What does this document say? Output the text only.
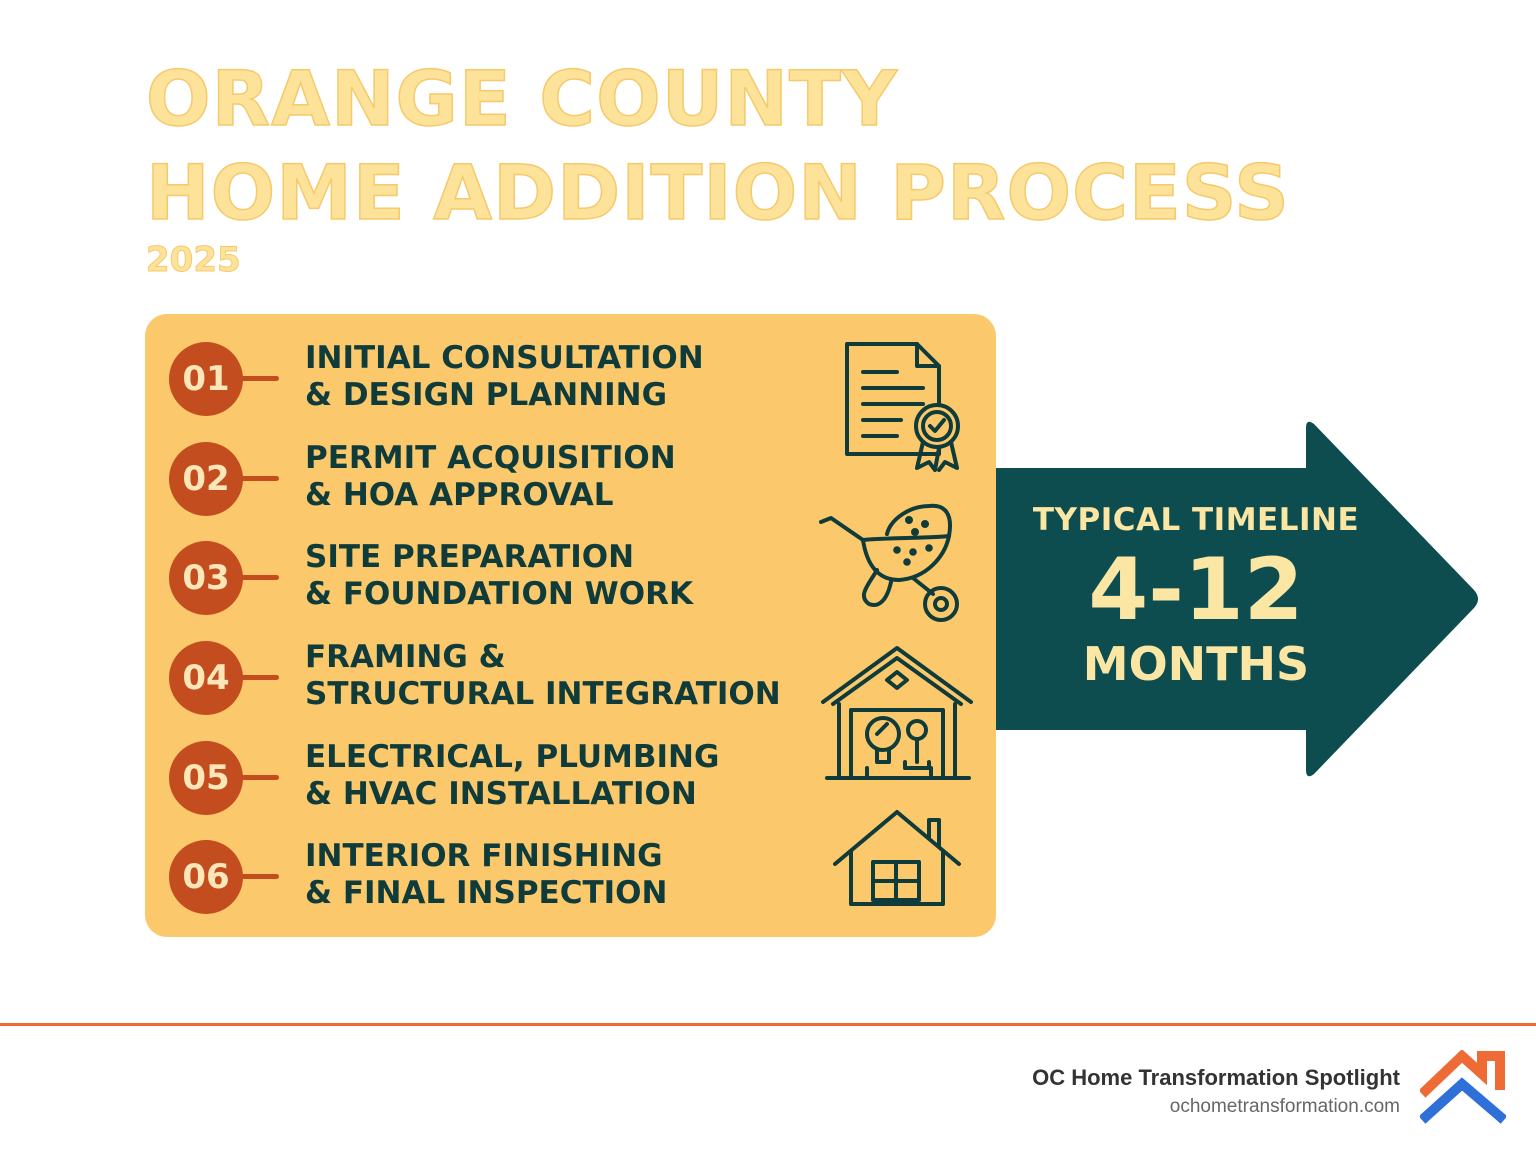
ORANGE COUNTY
HOME ADDITION PROCESS
2025
01
INITIAL CONSULTATION
& DESIGN PLANNING
02
PERMIT ACQUISITION
& HOA APPROVAL
03
SITE PREPARATION
& FOUNDATION WORK
04
FRAMING &
STRUCTURAL INTEGRATION
05
ELECTRICAL, PLUMBING
& HVAC INSTALLATION
06
INTERIOR FINISHING
& FINAL INSPECTION
TYPICAL TIMELINE
4-12
MONTHS
OC Home Transformation Spotlight
ochometransformation.com
